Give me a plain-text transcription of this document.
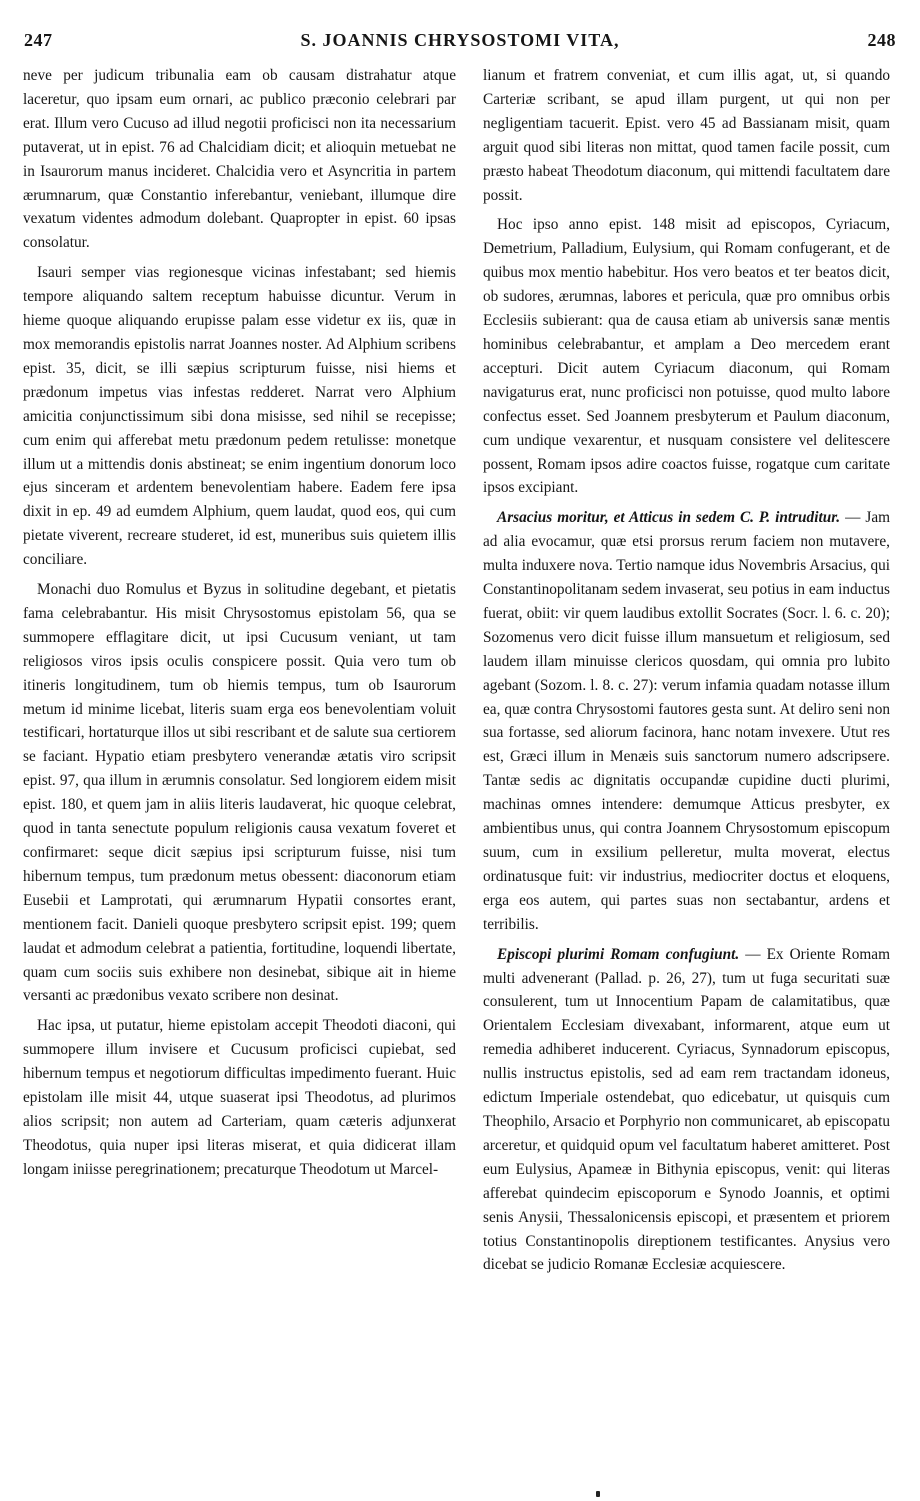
247	S. JOANNIS CHRYSOSTOMI VITA,	248

neve per judicum tribunalia eam ob causam distrahatur atque laceretur, quo ipsam eum ornari, ac publico præconio celebrari par erat. Illum vero Cucuso ad illud negotii proficisci non ita necessarium putaverat, ut in epist. 76 ad Chalcidiam dicit; et alioquin metuebat ne in Isaurorum manus incideret. Chalcidia vero et Asyncritia in partem ærumnarum, quæ Constantio inferebantur, veniebant, illumque dire vexatum videntes admodum dolebant. Quapropter in epist. 60 ipsas consolatur.

Isauri semper vias regionesque vicinas infestabant; sed hiemis tempore aliquando saltem receptum habuisse dicuntur. Verum in hieme quoque aliquando erupisse palam esse videtur ex iis, quæ in mox memorandis epistolis narrat Joannes noster. Ad Alphium scribens epist. 35, dicit, se illi sæpius scripturum fuisse, nisi hiems et prædonum impetus vias infestas redderet. Narrat vero Alphium amicitia conjunctissimum sibi dona misisse, sed nihil se recepisse; cum enim qui afferebat metu prædonum pedem retulisse: monetque illum ut a mittendis donis abstineat; se enim ingentium donorum loco ejus sinceram et ardentem benevolentiam habere. Eadem fere ipsa dixit in ep. 49 ad eumdem Alphium, quem laudat, quod eos, qui cum pietate viverent, recreare studeret, id est, muneribus suis quietem illis conciliare.

Monachi duo Romulus et Byzus in solitudine degebant, et pietatis fama celebrabantur. His misit Chrysostomus epistolam 56, qua se summopere efflagitare dicit, ut ipsi Cucusum veniant, ut tam religiosos viros ipsis oculis conspicere possit. Quia vero tum ob itineris longitudinem, tum ob hiemis tempus, tum ob Isaurorum metum id minime licebat, literis suam erga eos benevolentiam voluit testificari, hortaturque illos ut sibi rescribant et de salute sua certiorem se faciant. Hypatio etiam presbytero venerandæ ætatis viro scripsit epist. 97, qua illum in ærumnis consolatur. Sed longiorem eidem misit epist. 180, et quem jam in aliis literis laudaverat, hic quoque celebrat, quod in tanta senectute populum religionis causa vexatum foveret et confirmaret: seque dicit sæpius ipsi scripturum fuisse, nisi tum hibernum tempus, tum prædonum metus obessent: diaconorum etiam Eusebii et Lamprotati, qui ærumnarum Hypatii consortes erant, mentionem facit. Danieli quoque presbytero scripsit epist. 199; quem laudat et admodum celebrat a patientia, fortitudine, loquendi libertate, quam cum sociis suis exhibere non desinebat, sibique ait in hieme versanti ac prædonibus vexato scribere non desinat.

Hac ipsa, ut putatur, hieme epistolam accepit Theodoti diaconi, qui summopere illum invisere et Cucusum proficisci cupiebat, sed hibernum tempus et negotiorum difficultas impedimento fuerant. Huic epistolam ille misit 44, utque suaserat ipsi Theodotus, ad plurimos alios scripsit; non autem ad Carteriam, quam cæteris adjunxerat Theodotus, quia nuper ipsi literas miserat, et quia didicerat illam longam iniisse peregrinationem; precaturque Theodotum ut Marcel-

lianum et fratrem conveniat, et cum illis agat, ut, si quando Carteriæ scribant, se apud illam purgent, ut qui non per negligentiam tacuerit. Epist. vero 45 ad Bassianam misit, quam arguit quod sibi literas non mittat, quod tamen facile possit, cum præsto habeat Theodotum diaconum, qui mittendi facultatem dare possit.

Hoc ipso anno epist. 148 misit ad episcopos, Cyriacum, Demetrium, Palladium, Eulysium, qui Romam confugerant, et de quibus mox mentio habebitur. Hos vero beatos et ter beatos dicit, ob sudores, ærumnas, labores et pericula, quæ pro omnibus orbis Ecclesiis subierant: qua de causa etiam ab universis sanæ mentis hominibus celebrabantur, et amplam a Deo mercedem erant accepturi. Dicit autem Cyriacum diaconum, qui Romam navigaturus erat, nunc proficisci non potuisse, quod multo labore confectus esset. Sed Joannem presbyterum et Paulum diaconum, cum undique vexarentur, et nusquam consistere vel delitescere possent, Romam ipsos adire coactos fuisse, rogatque cum caritate ipsos excipiant.

Arsacius moritur, et Atticus in sedem C. P. intruditur. — Jam ad alia evocamur, quæ etsi prorsus rerum faciem non mutavere, multa induxere nova. Tertio namque idus Novembris Arsacius, qui Constantinopolitanam sedem invaserat, seu potius in eam inductus fuerat, obiit: vir quem laudibus extollit Socrates (Socr. l. 6. c. 20); Sozomenus vero dicit fuisse illum mansuetum et religiosum, sed laudem illam minuisse clericos quosdam, qui omnia pro lubito agebant (Sozom. l. 8. c. 27): verum infamia quadam notasse illum ea, quæ contra Chrysostomi fautores gesta sunt. At deliro seni non sua fortasse, sed aliorum facinora, hanc notam invexere. Utut res est, Græci illum in Menæis suis sanctorum numero adscripsere. Tantæ sedis ac dignitatis occupandæ cupidine ducti plurimi, machinas omnes intendere: demumque Atticus presbyter, ex ambientibus unus, qui contra Joannem Chrysostomum episcopum suum, cum in exsilium pelleretur, multa moverat, electus ordinatusque fuit: vir industrius, mediocriter doctus et eloquens, erga eos autem, qui partes suas non sectabantur, ardens et terribilis.

Episcopi plurimi Romam confugiunt. — Ex Oriente Romam multi advenerant (Pallad. p. 26, 27), tum ut fuga securitati suæ consulerent, tum ut Innocentium Papam de calamitatibus, quæ Orientalem Ecclesiam divexabant, informarent, atque eum ut remedia adhiberet inducerent. Cyriacus, Synnadorum episcopus, nullis instructus epistolis, sed ad eam rem tractandam idoneus, edictum Imperiale ostendebat, quo edicebatur, ut quisquis cum Theophilo, Arsacio et Porphyrio non communicaret, ab episcopatu arceretur, et quidquid opum vel facultatum haberet amitteret. Post eum Eulysius, Apameæ in Bithynia episcopus, venit: qui literas afferebat quindecim episcoporum e Synodo Joannis, et optimi senis Anysii, Thessalonicensis episcopi, et præsentem et priorem totius Constantinopolis direptionem testificantes. Anysius vero dicebat se judicio Romanæ Ecclesiæ acquiescere.
